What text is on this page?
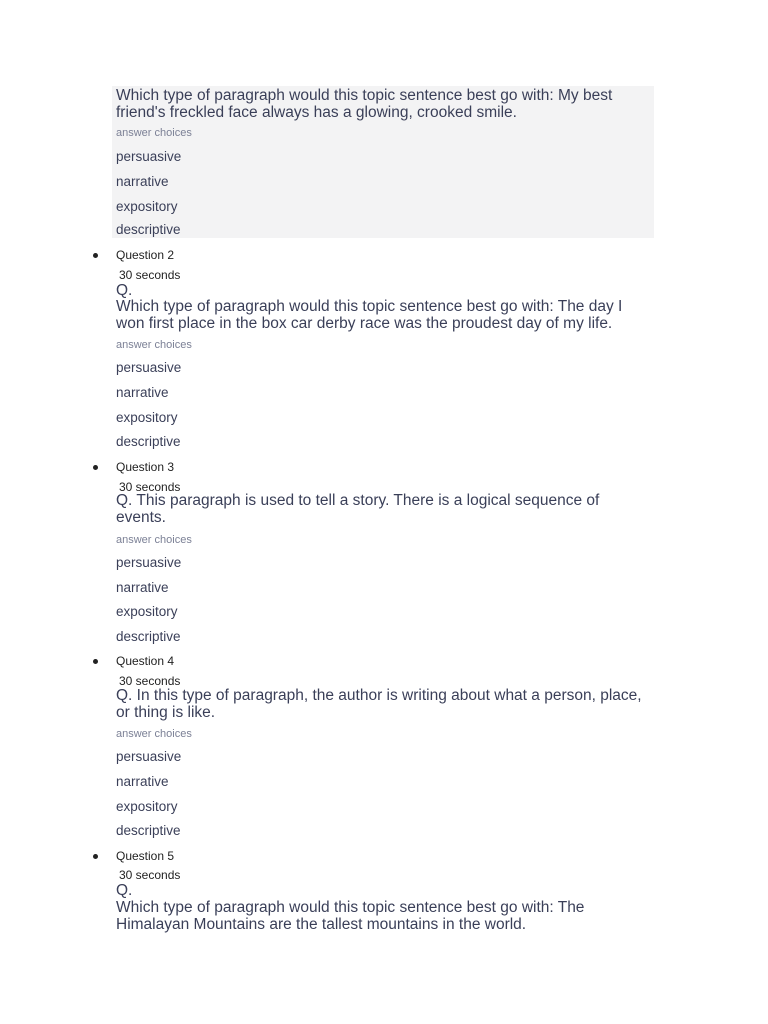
Which type of paragraph would this topic sentence best go with: My best friend's freckled face always has a glowing, crooked smile.
answer choices
persuasive
narrative
expository
descriptive
Question 2
30 seconds
Q.
Which type of paragraph would this topic sentence best go with: The day I won first place in the box car derby race was the proudest day of my life.
answer choices
persuasive
narrative
expository
descriptive
Question 3
30 seconds
Q. This paragraph is used to tell a story. There is a logical sequence of events.
answer choices
persuasive
narrative
expository
descriptive
Question 4
30 seconds
Q. In this type of paragraph, the author is writing about what a person, place, or thing is like.
answer choices
persuasive
narrative
expository
descriptive
Question 5
30 seconds
Q.
Which type of paragraph would this topic sentence best go with: The Himalayan Mountains are the tallest mountains in the world.
